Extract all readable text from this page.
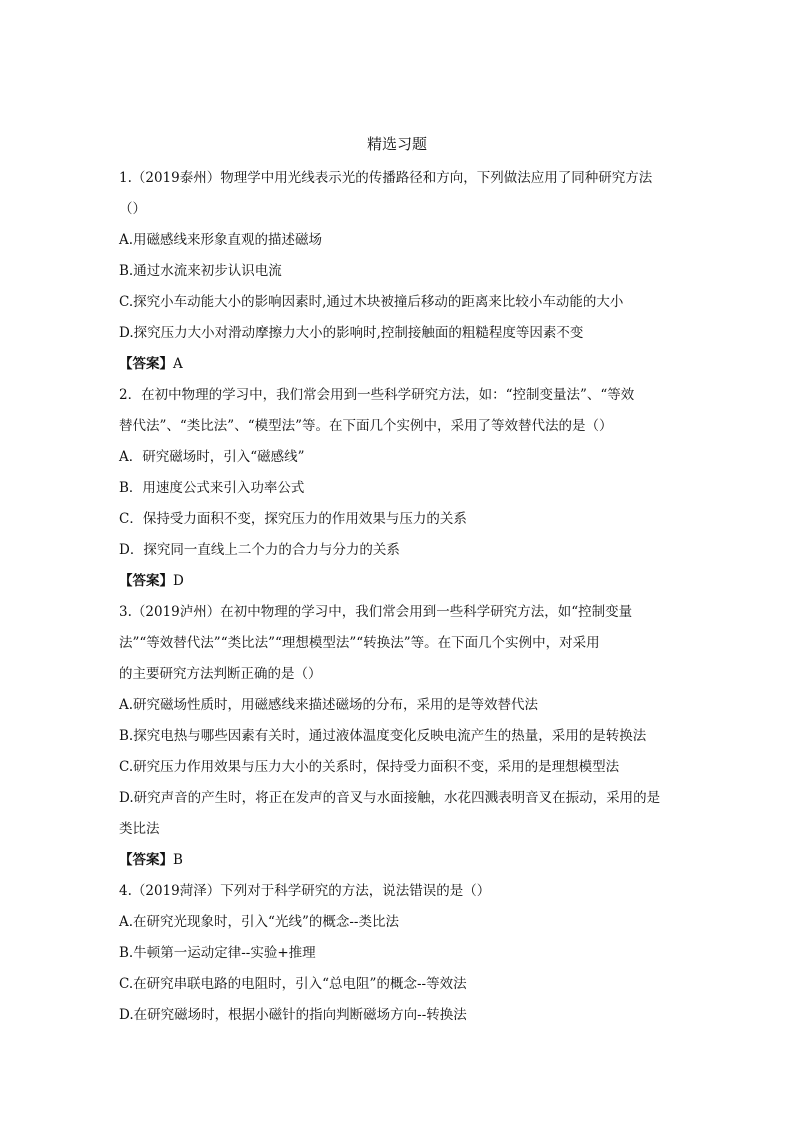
精选习题
1.（2019泰州）物理学中用光线表示光的传播路径和方向，下列做法应用了同种研究方法
（）
A.用磁感线来形象直观的描述磁场
B.通过水流来初步认识电流
C.探究小车动能大小的影响因素时,通过木块被撞后移动的距离来比较小车动能的大小
D.探究压力大小对滑动摩擦力大小的影响时,控制接触面的粗糙程度等因素不变
【答案】A
2．在初中物理的学习中，我们常会用到一些科学研究方法，如：“控制变量法”、“等效
替代法”、“类比法”、“模型法”等。在下面几个实例中，采用了等效替代法的是（）
A．研究磁场时，引入“磁感线”
B．用速度公式来引入功率公式
C．保持受力面积不变，探究压力的作用效果与压力的关系
D．探究同一直线上二个力的合力与分力的关系
【答案】D
3.（2019泸州）在初中物理的学习中，我们常会用到一些科学研究方法，如“控制变量
法”“等效替代法”“类比法”“理想模型法”“转换法”等。在下面几个实例中，对采用
的主要研究方法判断正确的是（）
A.研究磁场性质时，用磁感线来描述磁场的分布，采用的是等效替代法
B.探究电热与哪些因素有关时，通过液体温度变化反映电流产生的热量，采用的是转换法
C.研究压力作用效果与压力大小的关系时，保持受力面积不变，采用的是理想模型法
D.研究声音的产生时，将正在发声的音叉与水面接触，水花四溅表明音叉在振动，采用的是
类比法
【答案】B
4.（2019菏泽）下列对于科学研究的方法，说法错误的是（）
A.在研究光现象时，引入“光线”的概念--类比法
B.牛顿第一运动定律--实验+推理
C.在研究串联电路的电阻时，引入“总电阻”的概念--等效法
D.在研究磁场时，根据小磁针的指向判断磁场方向--转换法
